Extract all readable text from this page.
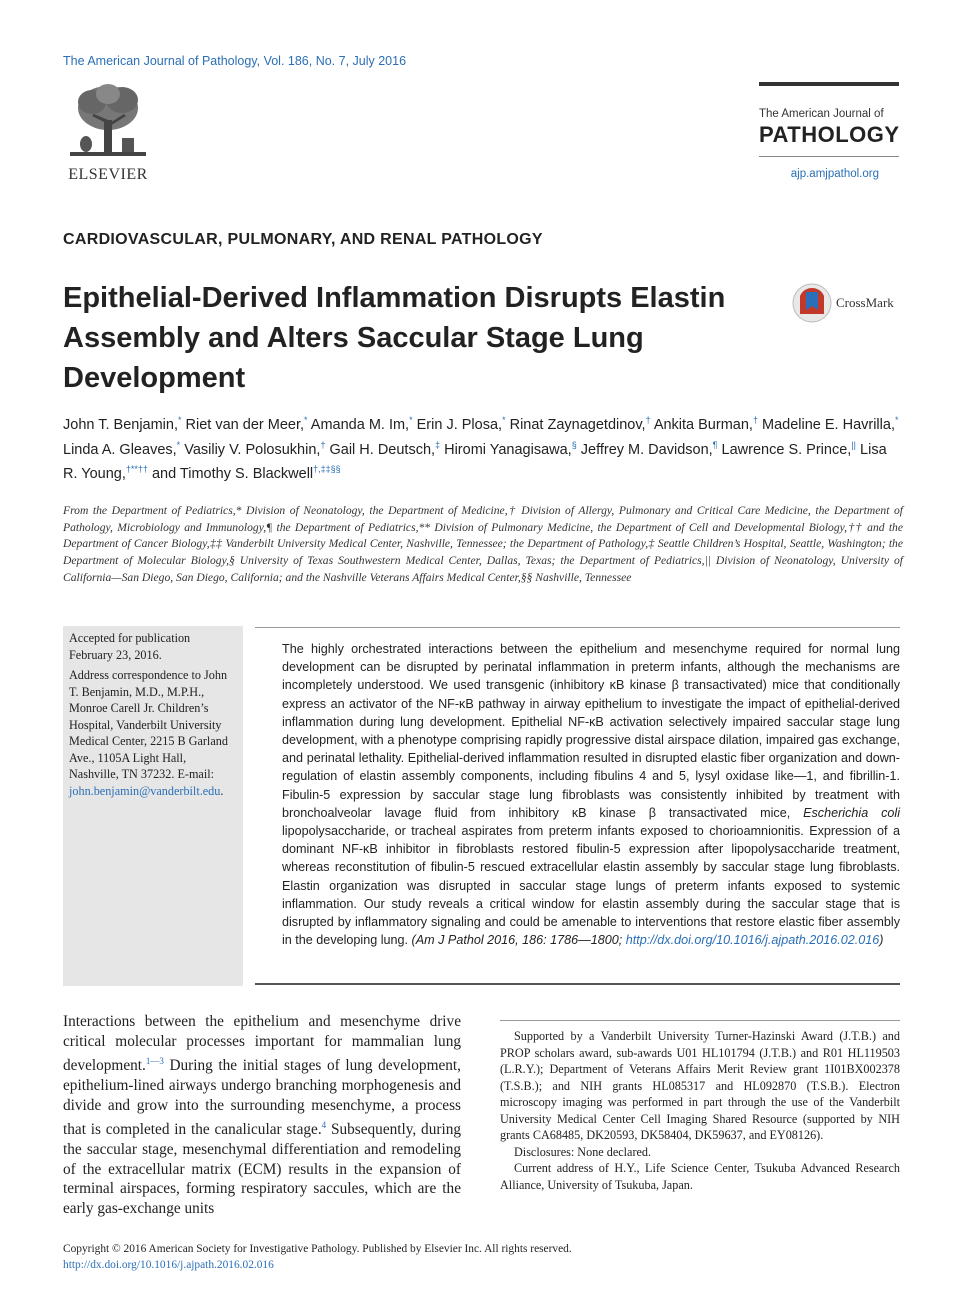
The American Journal of Pathology, Vol. 186, No. 7, July 2016
ELSEVIER
The American Journal of
PATHOLOGY
ajp.amjpathol.org
CARDIOVASCULAR, PULMONARY, AND RENAL PATHOLOGY
Epithelial-Derived Inflammation Disrupts Elastin Assembly and Alters Saccular Stage Lung Development
CrossMark
John T. Benjamin,* Riet van der Meer,* Amanda M. Im,* Erin J. Plosa,* Rinat Zaynagetdinov,† Ankita Burman,† Madeline E. Havrilla,* Linda A. Gleaves,* Vasiliy V. Polosukhin,† Gail H. Deutsch,‡ Hiromi Yanagisawa,§ Jeffrey M. Davidson,¶ Lawrence S. Prince,|| Lisa R. Young,†**†† and Timothy S. Blackwell†,‡‡§§
From the Department of Pediatrics,* Division of Neonatology, the Department of Medicine,† Division of Allergy, Pulmonary and Critical Care Medicine, the Department of Pathology, Microbiology and Immunology,¶ the Department of Pediatrics,** Division of Pulmonary Medicine, the Department of Cell and Developmental Biology,†† and the Department of Cancer Biology,‡‡ Vanderbilt University Medical Center, Nashville, Tennessee; the Department of Pathology,‡ Seattle Children’s Hospital, Seattle, Washington; the Department of Molecular Biology,§ University of Texas Southwestern Medical Center, Dallas, Texas; the Department of Pediatrics,|| Division of Neonatology, University of California—San Diego, San Diego, California; and the Nashville Veterans Affairs Medical Center,§§ Nashville, Tennessee

Accepted for publication February 23, 2016.

Address correspondence to John T. Benjamin, M.D., M.P.H., Monroe Carell Jr. Children’s Hospital, Vanderbilt University Medical Center, 2215 B Garland Ave., 1105A Light Hall, Nashville, TN 37232. E-mail: john.benjamin@vanderbilt.edu.

The highly orchestrated interactions between the epithelium and mesenchyme required for normal lung development can be disrupted by perinatal inflammation in preterm infants, although the mechanisms are incompletely understood. We used transgenic (inhibitory κB kinase β transactivated) mice that conditionally express an activator of the NF-κB pathway in airway epithelium to investigate the impact of epithelial-derived inflammation during lung development. Epithelial NF-κB activation selectively impaired saccular stage lung development, with a phenotype comprising rapidly progressive distal airspace dilation, impaired gas exchange, and perinatal lethality. Epithelial-derived inflammation resulted in disrupted elastic fiber organization and down-regulation of elastin assembly components, including fibulins 4 and 5, lysyl oxidase like—1, and fibrillin-1. Fibulin-5 expression by saccular stage lung fibroblasts was consistently inhibited by treatment with bronchoalveolar lavage fluid from inhibitory κB kinase β transactivated mice, Escherichia coli lipopolysaccharide, or tracheal aspirates from preterm infants exposed to chorioamnionitis. Expression of a dominant NF-κB inhibitor in fibroblasts restored fibulin-5 expression after lipopolysaccharide treatment, whereas reconstitution of fibulin-5 rescued extracellular elastin assembly by saccular stage lung fibroblasts. Elastin organization was disrupted in saccular stage lungs of preterm infants exposed to systemic inflammation. Our study reveals a critical window for elastin assembly during the saccular stage that is disrupted by inflammatory signaling and could be amenable to interventions that restore elastic fiber assembly in the developing lung. (Am J Pathol 2016, 186: 1786—1800; http://dx.doi.org/10.1016/j.ajpath.2016.02.016)
Interactions between the epithelium and mesenchyme drive critical molecular processes important for mammalian lung development.$^{1—3}$ During the initial stages of lung development, epithelium-lined airways undergo branching morphogenesis and divide and grow into the surrounding mesenchyme, a process that is completed in the canalicular stage.$^4$ Subsequently, during the saccular stage, mesenchymal differentiation and remodeling of the extracellular matrix (ECM) results in the expansion of terminal airspaces, forming respiratory saccules, which are the early gas-exchange units

Supported by a Vanderbilt University Turner-Hazinski Award (J.T.B.) and PROP scholars award, sub-awards U01 HL101794 (J.T.B.) and R01 HL119503 (L.R.Y.); Department of Veterans Affairs Merit Review grant 1I01BX002378 (T.S.B.); and NIH grants HL085317 and HL092870 (T.S.B.). Electron microscopy imaging was performed in part through the use of the Vanderbilt University Medical Center Cell Imaging Shared Resource (supported by NIH grants CA68485, DK20593, DK58404, DK59637, and EY08126).

Disclosures: None declared.

Current address of H.Y., Life Science Center, Tsukuba Advanced Research Alliance, University of Tsukuba, Japan.

Copyright © 2016 American Society for Investigative Pathology. Published by Elsevier Inc. All rights reserved.
http://dx.doi.org/10.1016/j.ajpath.2016.02.016
